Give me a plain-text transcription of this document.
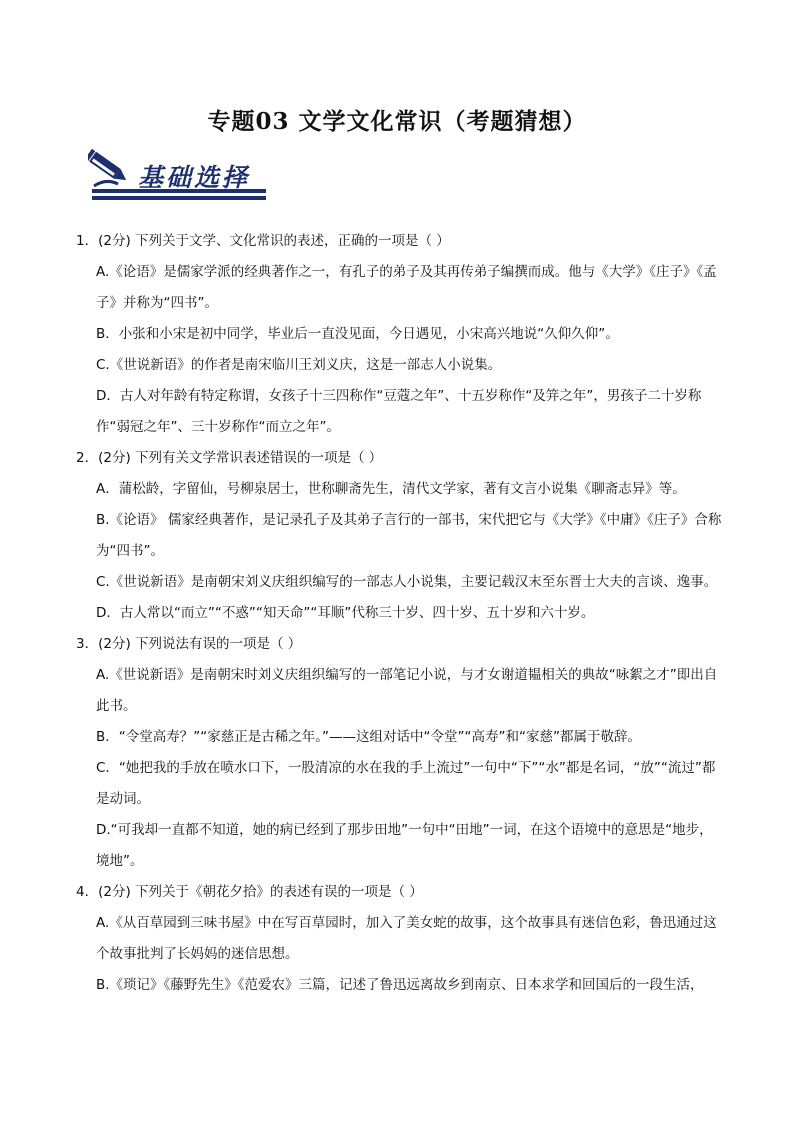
专题03 文学文化常识（考题猜想）
基础选择

1．(2分) 下列关于文学、文化常识的表述，正确的一项是（ ）

A.《论语》是儒家学派的经典著作之一，有孔子的弟子及其再传弟子编撰而成。他与《大学》《庄子》《孟子》并称为“四书”。

B．小张和小宋是初中同学，毕业后一直没见面，今日遇见，小宋高兴地说“久仰久仰”。

C.《世说新语》的作者是南宋临川王刘义庆，这是一部志人小说集。

D．古人对年龄有特定称谓，女孩子十三四称作“豆蔻之年”、十五岁称作“及笄之年”，男孩子二十岁称作“弱冠之年”、三十岁称作“而立之年”。

2．(2分) 下列有关文学常识表述错误的一项是（ ）

A．蒲松龄，字留仙，号柳泉居士，世称聊斋先生，清代文学家，著有文言小说集《聊斋志异》等。

B.《论语》 儒家经典著作，是记录孔子及其弟子言行的一部书，宋代把它与《大学》《中庸》《庄子》合称为“四书”。

C.《世说新语》是南朝宋刘义庆组织编写的一部志人小说集，主要记载汉末至东晋士大夫的言谈、逸事。

D．古人常以“而立”“不惑”“知天命”“耳顺”代称三十岁、四十岁、五十岁和六十岁。

3．(2分) 下列说法有误的一项是（ ）

A.《世说新语》是南朝宋时刘义庆组织编写的一部笔记小说，与才女谢道韫相关的典故“咏絮之才”即出自此书。

B．“令堂高寿？”“家慈正是古稀之年。”——这组对话中“令堂”“高寿”和“家慈”都属于敬辞。

C．“她把我的手放在喷水口下，一股清凉的水在我的手上流过”一句中“下”“水”都是名词，“放”“流过”都是动词。

D.“可我却一直都不知道，她的病已经到了那步田地”一句中“田地”一词，在这个语境中的意思是“地步，境地”。

4．(2分) 下列关于《朝花夕拾》的表述有误的一项是（ ）

A.《从百草园到三味书屋》中在写百草园时，加入了美女蛇的故事，这个故事具有迷信色彩，鲁迅通过这个故事批判了长妈妈的迷信思想。

B.《琐记》《藤野先生》《范爱农》三篇，记述了鲁迅远离故乡到南京、日本求学和回国后的一段生活，
